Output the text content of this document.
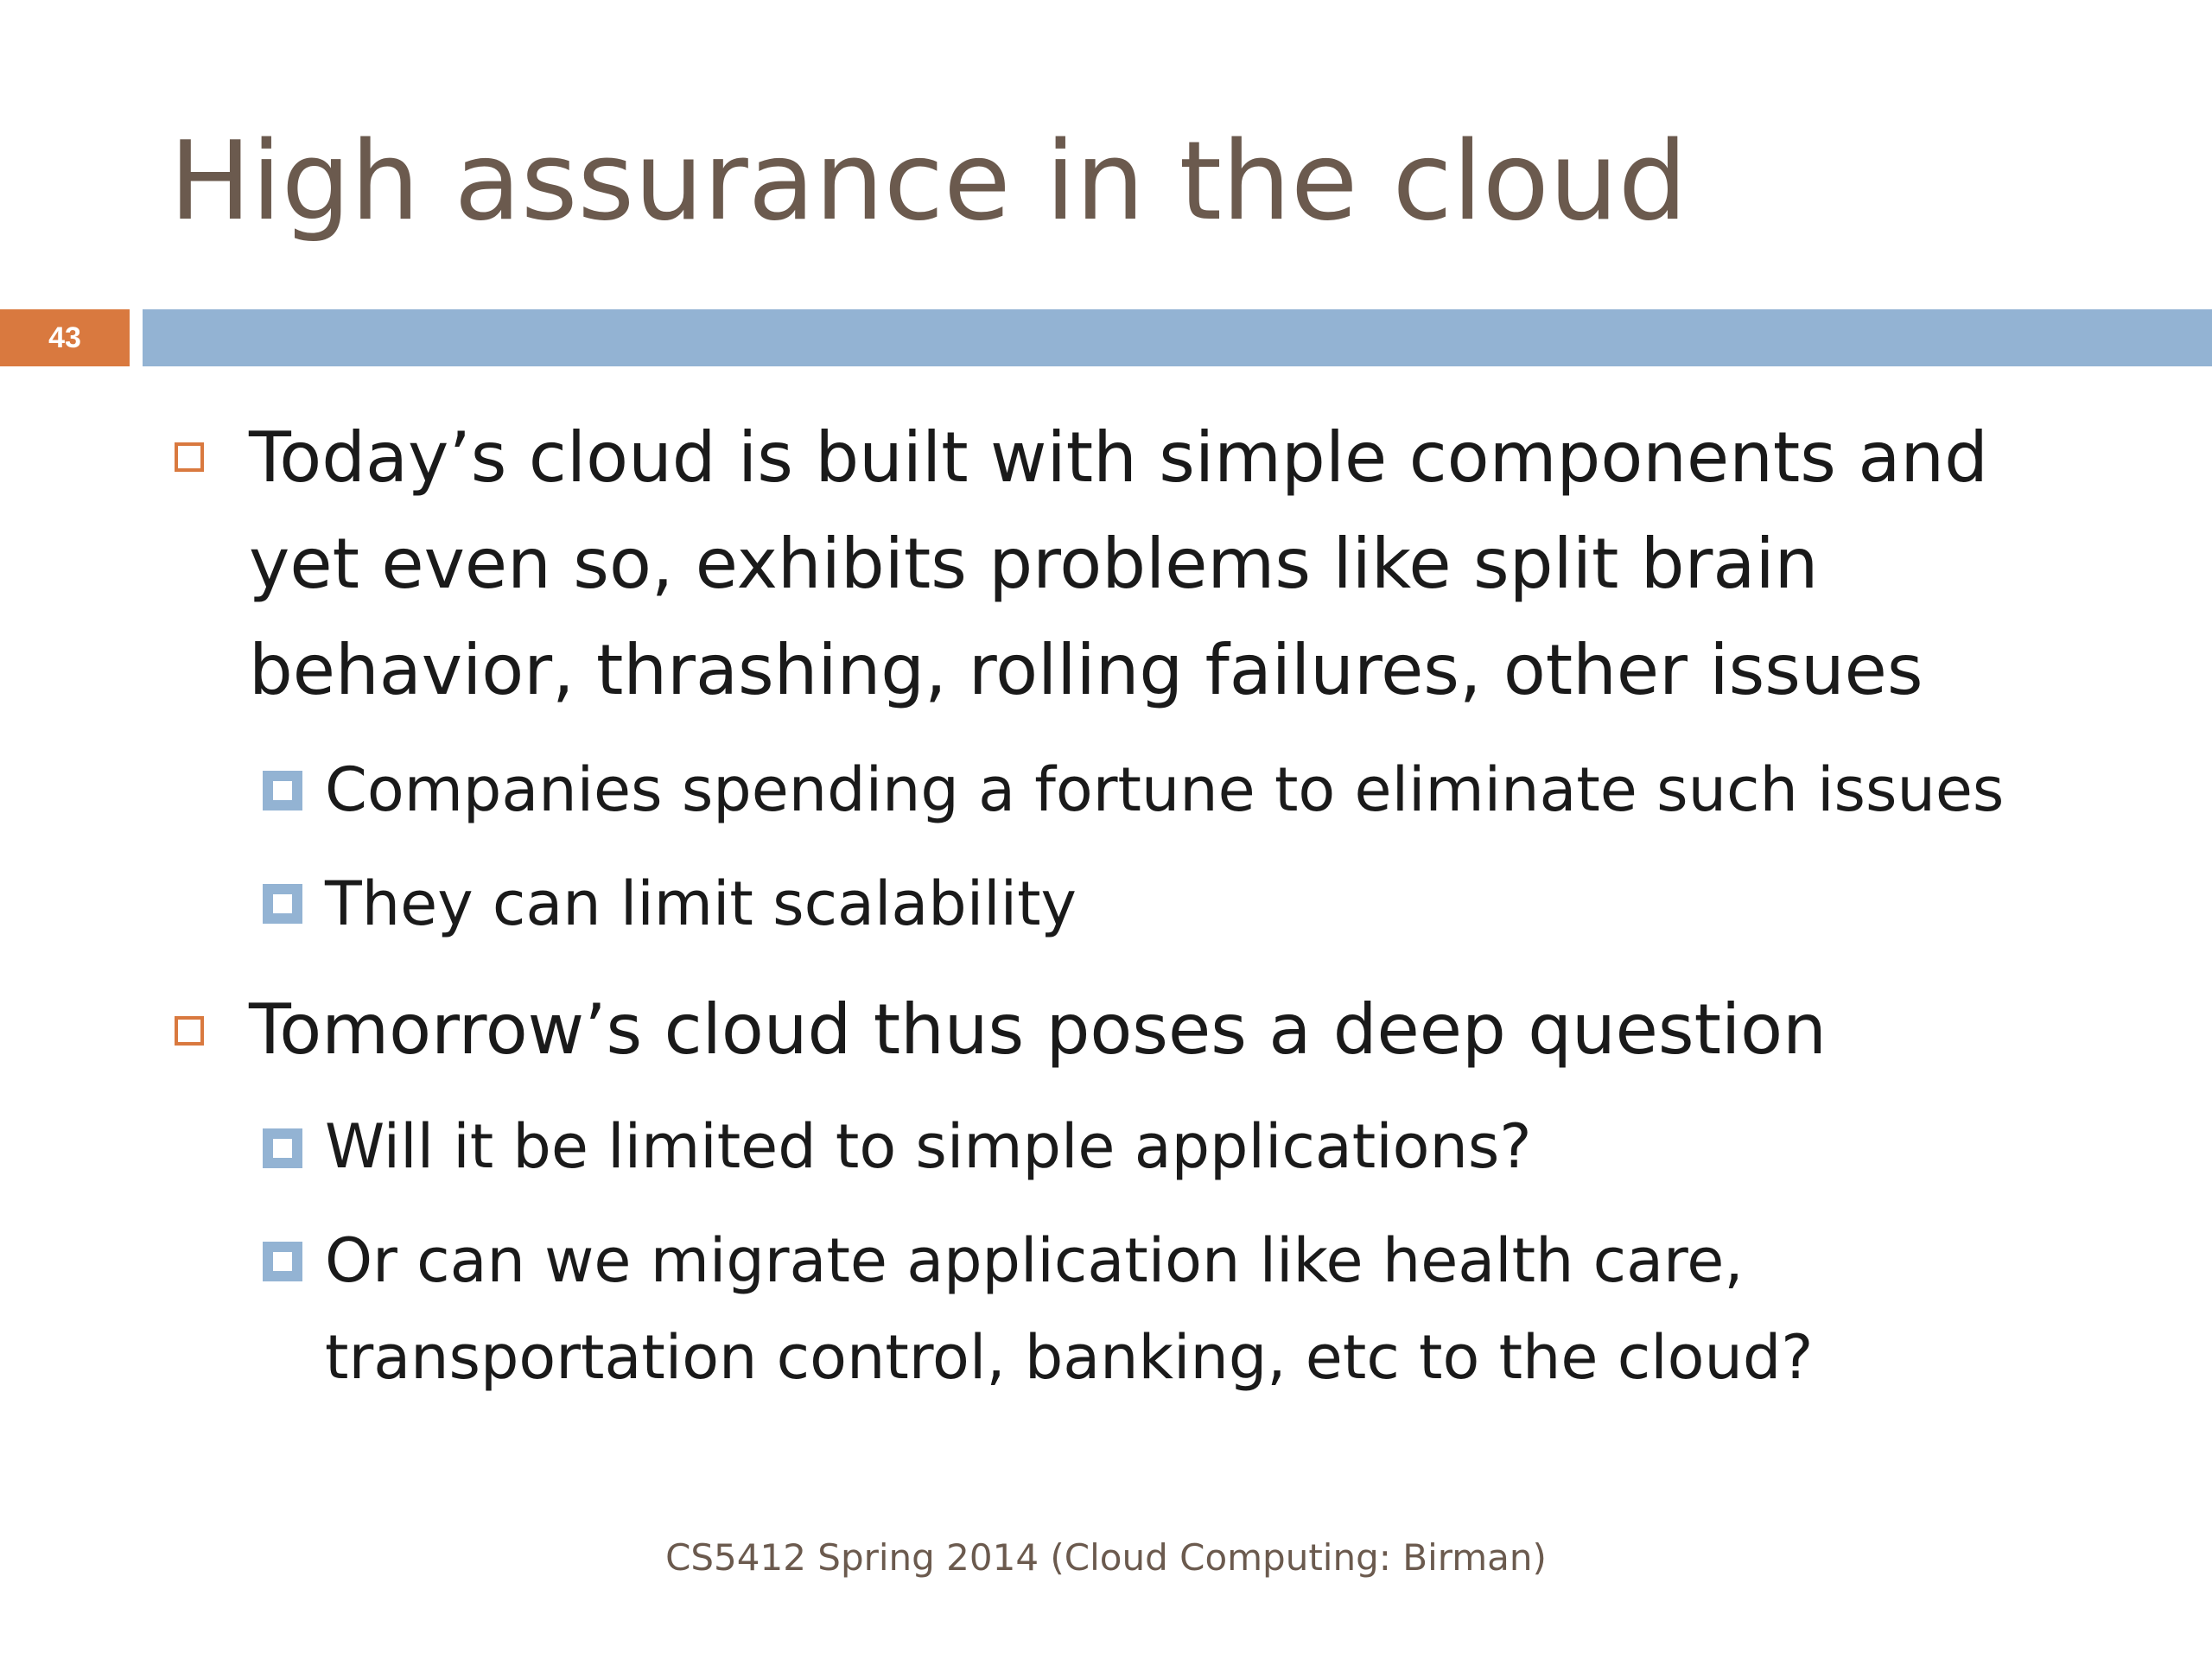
High assurance in the cloud
43
Today’s cloud is built with simple components and yet even so, exhibits problems like split brain behavior, thrashing, rolling failures, other issues
Companies spending a fortune to eliminate such issues
They can limit scalability
Tomorrow’s cloud thus poses a deep question
Will it be limited to simple applications?
Or can we migrate application like health care, transportation control, banking, etc to the cloud?
CS5412 Spring 2014 (Cloud Computing: Birman)
